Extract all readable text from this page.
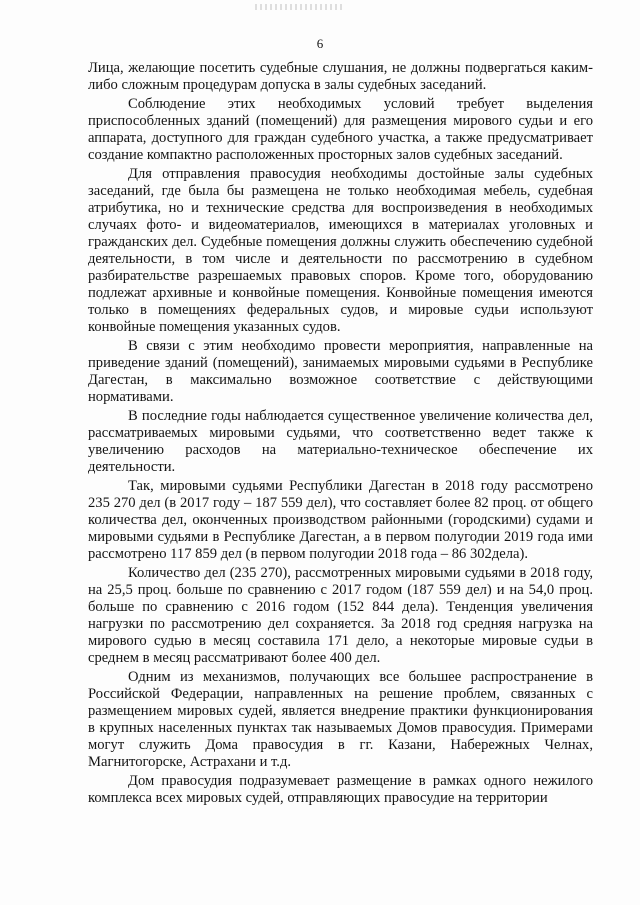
6

Лица, желающие посетить судебные слушания, не должны подвергаться каким-либо сложным процедурам допуска в залы судебных заседаний.

Соблюдение этих необходимых условий требует выделения приспособленных зданий (помещений) для размещения мирового судьи и его аппарата, доступного для граждан судебного участка, а также предусматривает создание компактно расположенных просторных залов судебных заседаний.

Для отправления правосудия необходимы достойные залы судебных заседаний, где была бы размещена не только необходимая мебель, судебная атрибутика, но и технические средства для воспроизведения в необходимых случаях фото- и видеоматериалов, имеющихся в материалах уголовных и гражданских дел. Судебные помещения должны служить обеспечению судебной деятельности, в том числе и деятельности по рассмотрению в судебном разбирательстве разрешаемых правовых споров. Кроме того, оборудованию подлежат архивные и конвойные помещения. Конвойные помещения имеются только в помещениях федеральных судов, и мировые судьи используют конвойные помещения указанных судов.

В связи с этим необходимо провести мероприятия, направленные на приведение зданий (помещений), занимаемых мировыми судьями в Республике Дагестан, в максимально возможное соответствие с действующими нормативами.

В последние годы наблюдается существенное увеличение количества дел, рассматриваемых мировыми судьями, что соответственно ведет также к увеличению расходов на материально-техническое обеспечение их деятельности.

Так, мировыми судьями Республики Дагестан в 2018 году рассмотрено 235 270 дел (в 2017 году – 187 559 дел), что составляет более 82 проц. от общего количества дел, оконченных производством районными (городскими) судами и мировыми судьями в Республике Дагестан, а в первом полугодии 2019 года ими рассмотрено 117 859 дел (в первом полугодии 2018 года – 86 302дела).

Количество дел (235 270), рассмотренных мировыми судьями в 2018 году, на 25,5 проц. больше по сравнению с 2017 годом (187 559 дел) и на 54,0 проц. больше по сравнению с 2016 годом (152 844 дела). Тенденция увеличения нагрузки по рассмотрению дел сохраняется. За 2018 год средняя нагрузка на мирового судью в месяц составила 171 дело, а некоторые мировые судьи в среднем в месяц рассматривают более 400 дел.

Одним из механизмов, получающих все большее распространение в Российской Федерации, направленных на решение проблем, связанных с размещением мировых судей, является внедрение практики функционирования в крупных населенных пунктах так называемых Домов правосудия. Примерами могут служить Дома правосудия в гг. Казани, Набережных Челнах, Магнитогорске, Астрахани и т.д.

Дом правосудия подразумевает размещение в рамках одного нежилого комплекса всех мировых судей, отправляющих правосудие на территории
